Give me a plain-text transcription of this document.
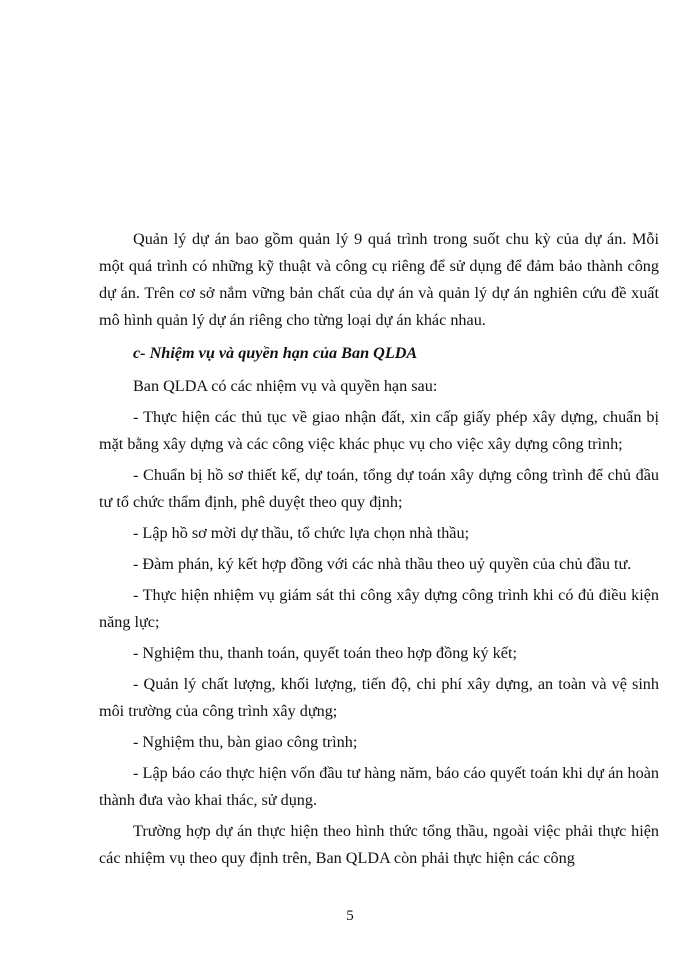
Quản lý dự án bao gồm quản lý 9 quá trình trong suốt chu kỳ của dự án. Mỗi một quá trình có những kỹ thuật và công cụ riêng để sử dụng để đảm bảo thành công dự án. Trên cơ sở nắm vững bản chất của dự án và quản lý dự án nghiên cứu đề xuất mô hình quản lý dự án riêng cho từng loại dự án khác nhau.

c- Nhiệm vụ và quyền hạn của Ban QLDA

Ban QLDA có các nhiệm vụ và quyền hạn sau:

- Thực hiện các thủ tục về giao nhận đất, xin cấp giấy phép xây dựng, chuẩn bị mặt bằng xây dựng và các công việc khác phục vụ cho việc xây dựng công trình;

- Chuẩn bị hồ sơ thiết kế, dự toán, tổng dự toán xây dựng công trình để chủ đầu tư tổ chức thẩm định, phê duyệt theo quy định;

- Lập hồ sơ mời dự thầu, tổ chức lựa chọn nhà thầu;

- Đàm phán, ký kết hợp đồng với các nhà thầu theo uỷ quyền của chủ đầu tư.

- Thực hiện nhiệm vụ giám sát thi công xây dựng công trình khi có đủ điều kiện năng lực;

- Nghiệm thu, thanh toán, quyết toán theo hợp đồng ký kết;

- Quản lý chất lượng, khối lượng, tiến độ, chi phí xây dựng, an toàn và vệ sinh môi trường của công trình xây dựng;

- Nghiệm thu, bàn giao công trình;

- Lập báo cáo thực hiện vốn đầu tư hàng năm, báo cáo quyết toán khi dự án hoàn thành đưa vào khai thác, sử dụng.

Trường hợp dự án thực hiện theo hình thức tổng thầu, ngoài việc phải thực hiện các nhiệm vụ theo quy định trên, Ban QLDA còn phải thực hiện các công

5
